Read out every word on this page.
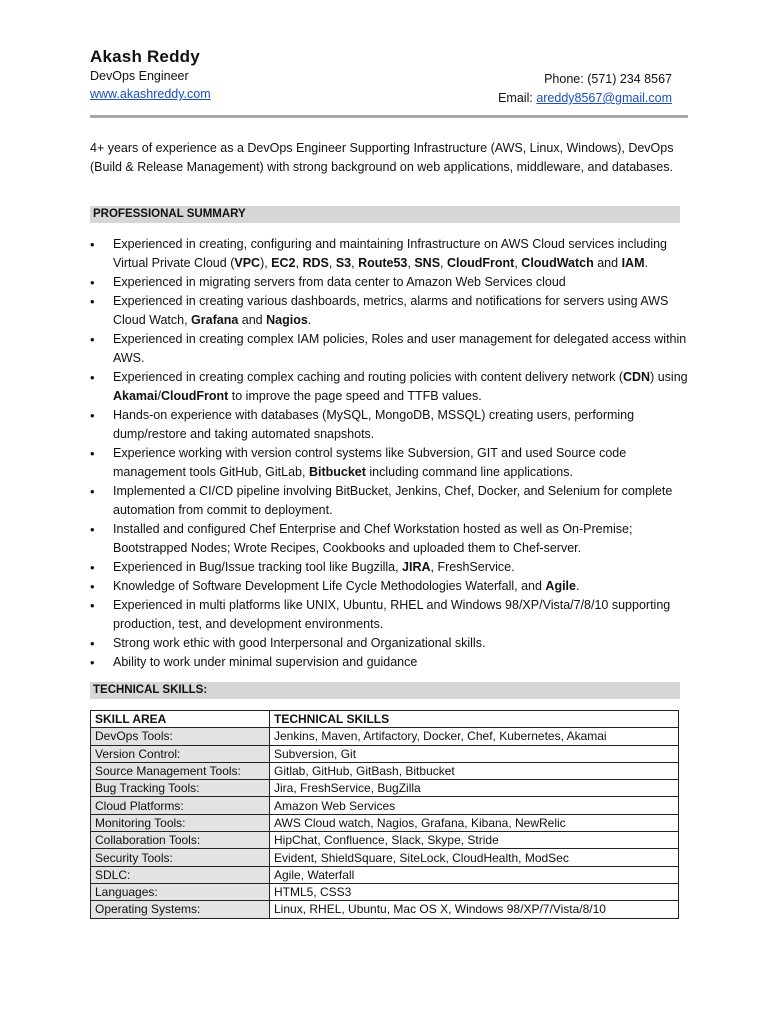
Akash Reddy
DevOps Engineer
www.akashreddy.com
Phone: (571) 234 8567
Email: areddy8567@gmail.com
4+ years of experience as a DevOps Engineer Supporting Infrastructure (AWS, Linux, Windows), DevOps (Build & Release Management) with strong background on web applications, middleware, and databases.
PROFESSIONAL SUMMARY
• Experienced in creating, configuring and maintaining Infrastructure on AWS Cloud services including Virtual Private Cloud (VPC), EC2, RDS, S3, Route53, SNS, CloudFront, CloudWatch and IAM.
• Experienced in migrating servers from data center to Amazon Web Services cloud
• Experienced in creating various dashboards, metrics, alarms and notifications for servers using AWS Cloud Watch, Grafana and Nagios.
• Experienced in creating complex IAM policies, Roles and user management for delegated access within AWS.
• Experienced in creating complex caching and routing policies with content delivery network (CDN) using Akamai/CloudFront to improve the page speed and TTFB values.
• Hands-on experience with databases (MySQL, MongoDB, MSSQL) creating users, performing dump/restore and taking automated snapshots.
• Experience working with version control systems like Subversion, GIT and used Source code management tools GitHub, GitLab, Bitbucket including command line applications.
• Implemented a CI/CD pipeline involving BitBucket, Jenkins, Chef, Docker, and Selenium for complete automation from commit to deployment.
• Installed and configured Chef Enterprise and Chef Workstation hosted as well as On-Premise; Bootstrapped Nodes; Wrote Recipes, Cookbooks and uploaded them to Chef-server.
• Experienced in Bug/Issue tracking tool like Bugzilla, JIRA, FreshService.
• Knowledge of Software Development Life Cycle Methodologies Waterfall, and Agile.
• Experienced in multi platforms like UNIX, Ubuntu, RHEL and Windows 98/XP/Vista/7/8/10 supporting production, test, and development environments.
• Strong work ethic with good Interpersonal and Organizational skills.
• Ability to work under minimal supervision and guidance
TECHNICAL SKILLS:
SKILL AREA	TECHNICAL SKILLS
DevOps Tools:	Jenkins, Maven, Artifactory, Docker, Chef, Kubernetes, Akamai
Version Control:	Subversion, Git
Source Management Tools:	Gitlab, GitHub, GitBash, Bitbucket
Bug Tracking Tools:	Jira, FreshService, BugZilla
Cloud Platforms:	Amazon Web Services
Monitoring Tools:	AWS Cloud watch, Nagios, Grafana, Kibana, NewRelic
Collaboration Tools:	HipChat, Confluence, Slack, Skype, Stride
Security Tools:	Evident, ShieldSquare, SiteLock, CloudHealth, ModSec
SDLC:	Agile, Waterfall
Languages:	HTML5, CSS3
Operating Systems:	Linux, RHEL, Ubuntu, Mac OS X, Windows 98/XP/7/Vista/8/10
